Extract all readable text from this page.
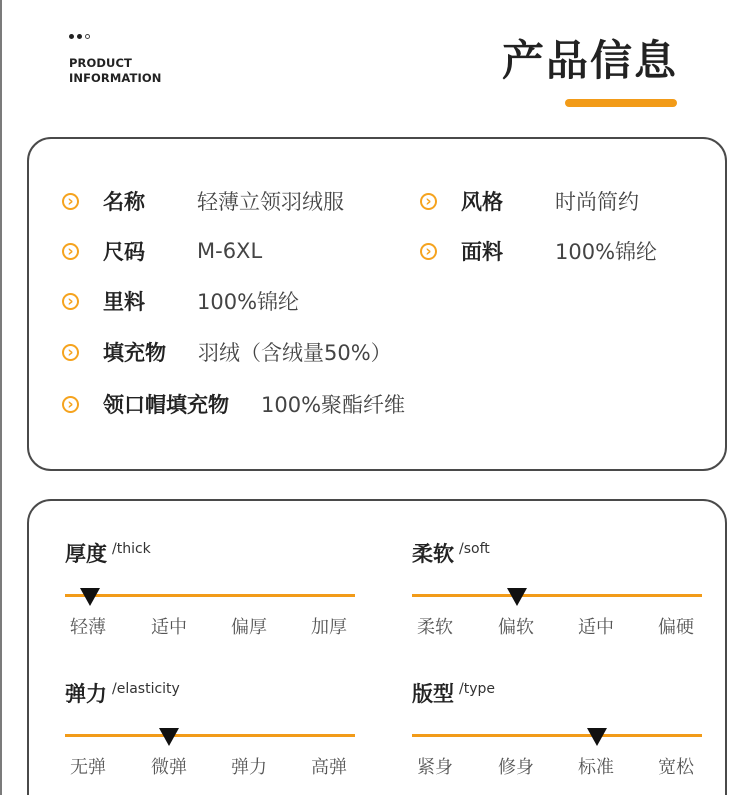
PRODUCT
INFORMATION	产品信息
›
名称 轻薄立领羽绒服 ›	风格 时尚简约
›
尺码 M-6XL ›	面料 100%锦纶
›
里料 100%锦纶
›
填充物 羽绒（含绒量50%）
›
领口帽填充物 100%聚酯纤维
厚度 $^{/thick}$
轻薄	适中 偏厚 加厚
柔软 $^{/soft}$
柔软	偏软 适中 偏硬
弹力 $^{/elasticity}$
无弹	微弹 弹力 高弹
版型 $^{/type}$
紧身	修身 标准 宽松
